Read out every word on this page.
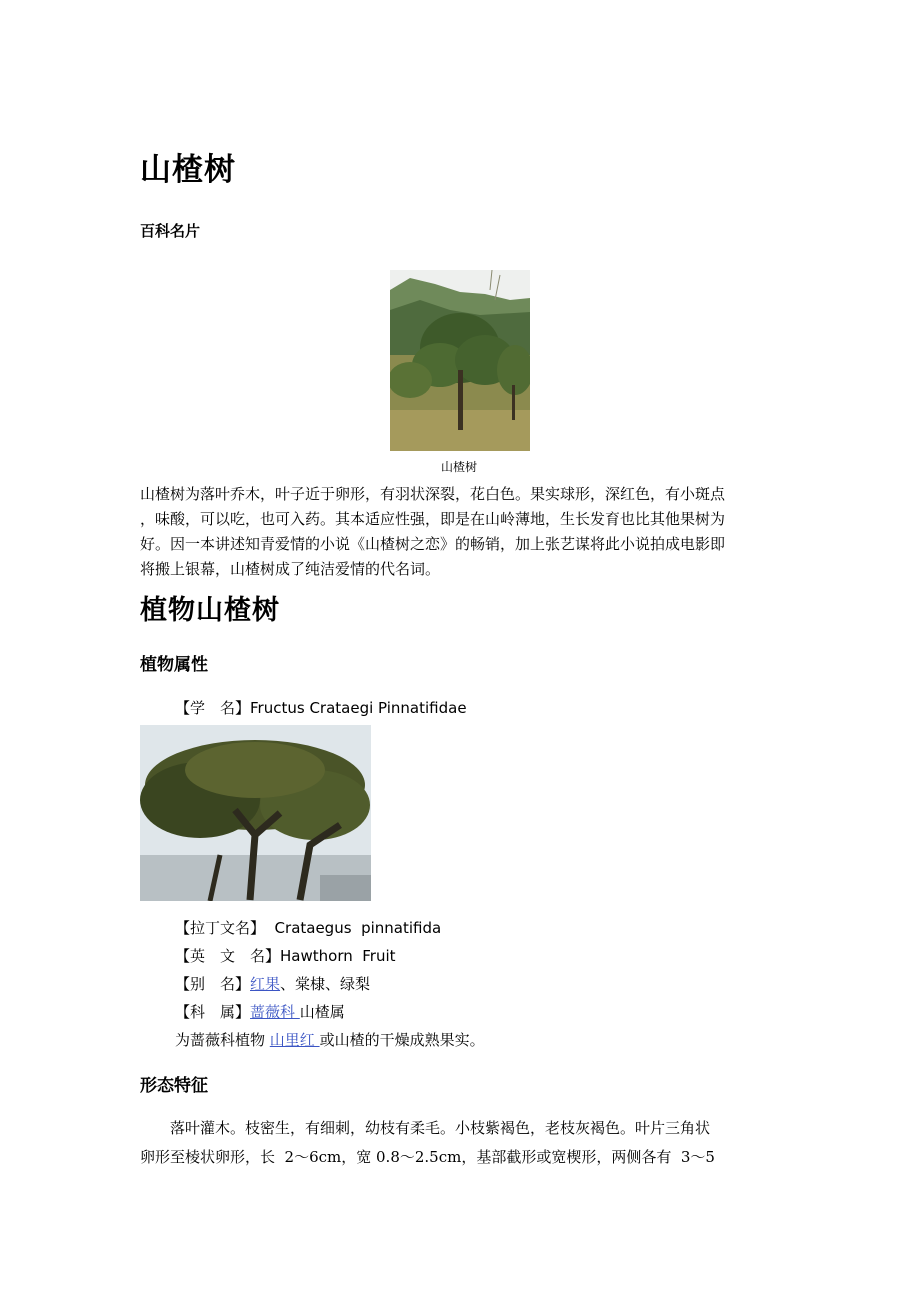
山楂树
百科名片
山楂树
山楂树为落叶乔木，叶子近于卵形，有羽状深裂，花白色。果实球形，深红色，有小斑点
，味酸，可以吃，也可入药。其本适应性强，即是在山岭薄地，生长发育也比其他果树为
好。因一本讲述知青爱情的小说《山楂树之恋》的畅销，加上张艺谋将此小说拍成电影即
将搬上银幕，山楂树成了纯洁爱情的代名词。
植物山楂树
植物属性
【学　名】Fructus Crataegi Pinnatifidae
【拉丁文名】  Crataegus  pinnatifida
【英　文　名】Hawthorn  Fruit
【别　名】红果、棠棣、绿梨
【科　属】蔷薇科 山楂属
为蔷薇科植物 山里红 或山楂的干燥成熟果实。
形态特征
　　落叶灌木。枝密生，有细刺，幼枝有柔毛。小枝紫褐色，老枝灰褐色。叶片三角状
卵形至棱状卵形，长  2～6cm，宽 0.8～2.5cm，基部截形或宽楔形，两侧各有  3～5
